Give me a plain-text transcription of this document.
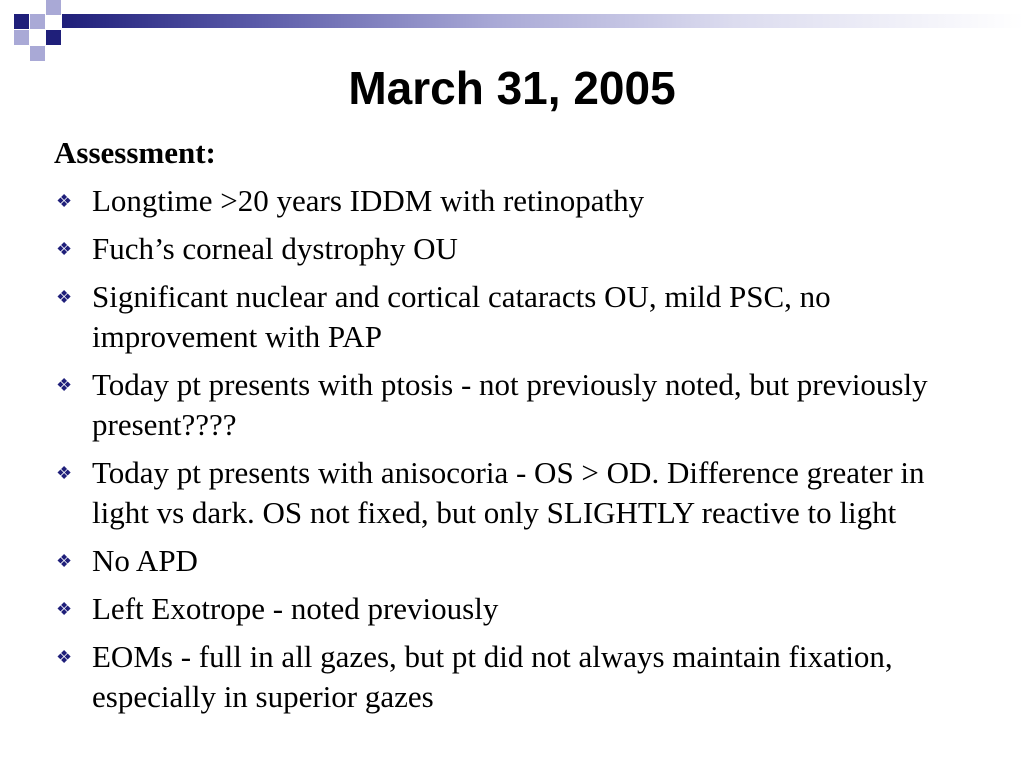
March 31, 2005
Assessment:
❖ Longtime >20 years IDDM with retinopathy
❖ Fuch’s corneal dystrophy OU
❖ Significant nuclear and cortical cataracts OU, mild PSC, no improvement with PAP
❖ Today pt presents with ptosis - not previously noted, but previously present????
❖ Today pt presents with anisocoria - OS > OD. Difference greater in light vs dark. OS not fixed, but only SLIGHTLY reactive to light
❖ No APD
❖ Left Exotrope - noted previously
❖ EOMs - full in all gazes, but pt did not always maintain fixation, especially in superior gazes
